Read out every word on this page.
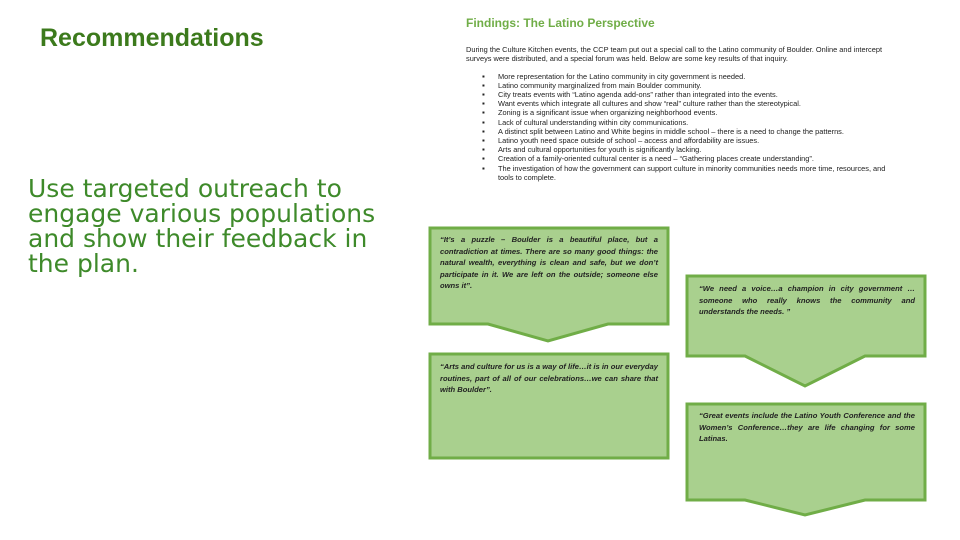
Recommendations
Use targeted outreach to engage various populations and show their feedback in the plan.
Findings: The Latino Perspective
During the Culture Kitchen events, the CCP team put out a special call to the Latino community of Boulder. Online and intercept surveys were distributed, and a special forum was held. Below are some key results of that inquiry.
▪ More representation for the Latino community in city government is needed.
▪ Latino community marginalized from main Boulder community.
▪ City treats events with “Latino agenda add-ons” rather than integrated into the events.
▪ Want events which integrate all cultures and show “real” culture rather than the stereotypical.
▪ Zoning is a significant issue when organizing neighborhood events.
▪ Lack of cultural understanding within city communications.
▪ A distinct split between Latino and White begins in middle school – there is a need to change the patterns.
▪ Latino youth need space outside of school – access and affordability are issues.
▪ Arts and cultural opportunities for youth is significantly lacking.
▪ Creation of a family-oriented cultural center is a need – “Gathering places create understanding”.
▪ The investigation of how the government can support culture in minority communities needs more time, resources, and tools to complete.
“It’s a puzzle – Boulder is a beautiful place, but a contradiction at times. There are so many good things: the natural wealth, everything is clean and safe, but we don’t participate in it. We are left on the outside; someone else owns it”.	“We need a voice…a champion in city government … someone who really knows the community and understands the needs. ”
“Arts and culture for us is a way of life…it is in our everyday routines, part of all of our celebrations…we can share that with Boulder”.
“Great events include the Latino Youth Conference and the Women’s Conference…they are life changing for some Latinas.
